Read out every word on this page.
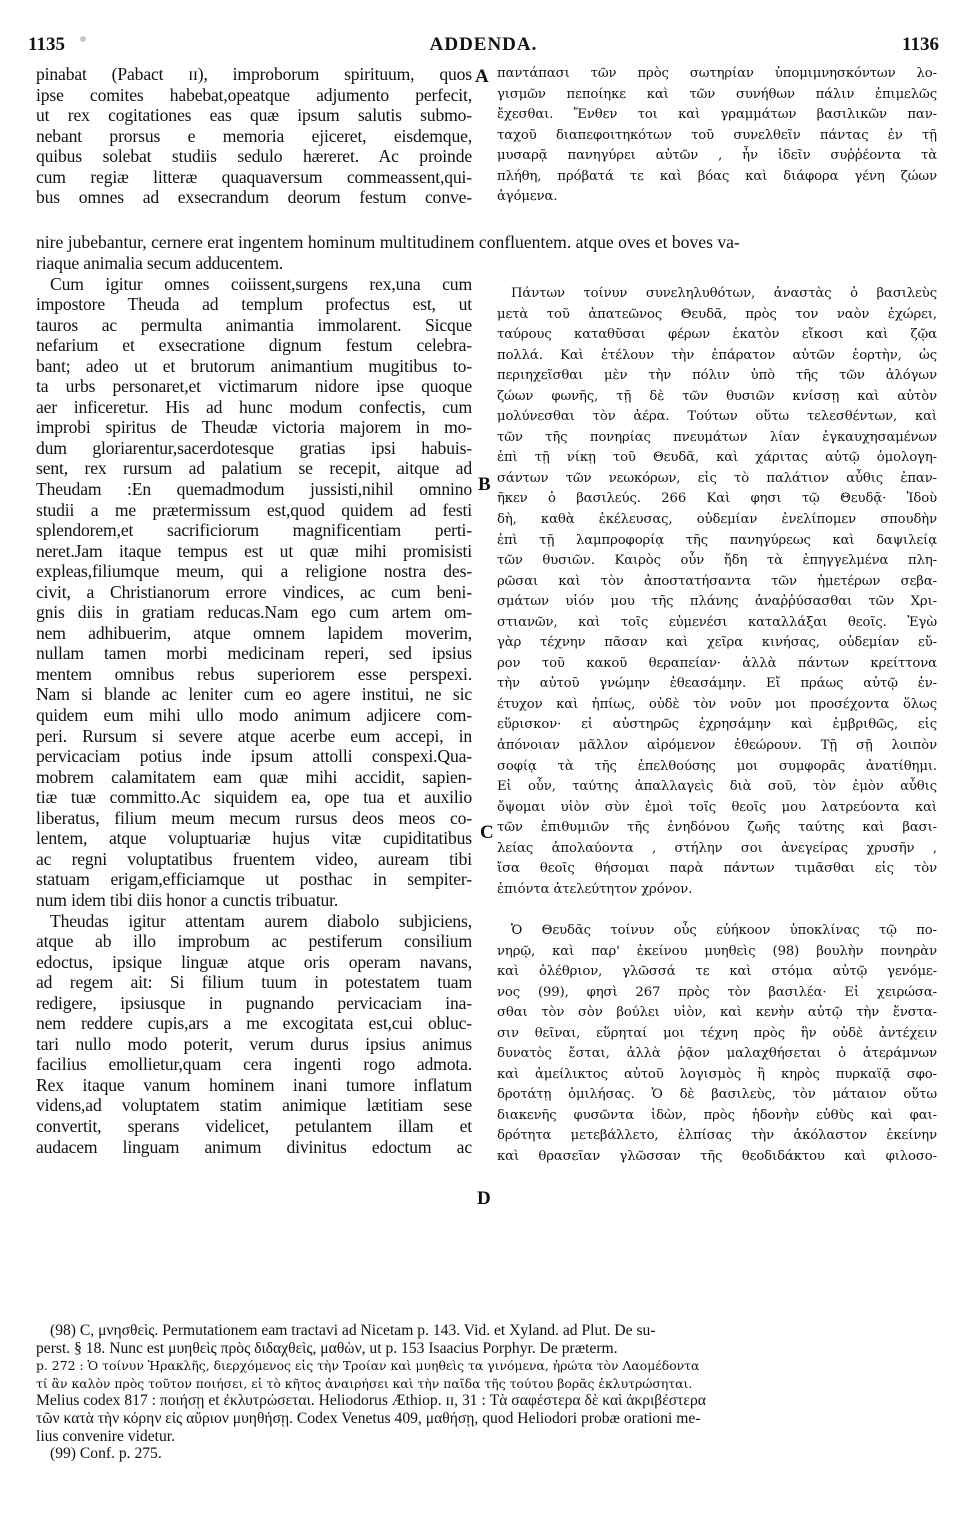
1135	ADDENDA.	1136
A
B
C
D
pinabat (Pabact ɪɪ), improborum spirituum, quos
ipse comites habebat,opeatque adjumento perfecit,
ut rex cogitationes eas quæ ipsum salutis submo-
nebant prorsus e memoria ejiceret, eisdemque,
quibus solebat studiis sedulo hæreret. Ac proinde
cum regiæ litteræ quaquaversum commeassent,qui-
bus omnes ad exsecrandum deorum festum conve-
παντάπασι τῶν πρὸς σωτηρίαν ὑπομιμνησκόντων λο-
γισμῶν πεποίηκε καὶ τῶν συνήθων πάλιν ἐπιμελῶς
ἔχεσθαι. Ἔνθεν τοι καὶ γραμμάτων βασιλικῶν παν-
ταχοῦ διαπεφοιτηκότων τοῦ συνελθεῖν πάντας ἐν τῇ
μυσαρᾷ πανηγύρει αὐτῶν , ἦν ἰδεῖν συῤῥέοντα τὰ
πλήθη, πρόβατά τε καὶ βόας καὶ διάφορα γένη ζώων
ἀγόμενα.
nire jubebantur, cernere erat ingentem hominum multitudinem confluentem. atque oves et boves va-
riaque animalia secum adducentem.
Cum igitur omnes coiissent,surgens rex,una cum
impostore Theuda ad templum profectus est, ut
tauros ac permulta animantia immolarent. Sicque
nefarium et exsecratione dignum festum celebra-
bant; adeo ut et brutorum animantium mugitibus to-
ta urbs personaret,et victimarum nidore ipse quoque
aer inficeretur. His ad hunc modum confectis, cum
improbi spiritus de Theudæ victoria majorem in mo-
dum gloriarentur,sacerdotesque gratias ipsi habuis-
sent, rex rursum ad palatium se recepit, aitque ad
Theudam :En quemadmodum jussisti,nihil omnino
studii a me prætermissum est,quod quidem ad festi
splendorem,et sacrificiorum magnificentiam perti-
neret.Jam itaque tempus est ut quæ mihi promisisti
expleas,filiumque meum, qui a religione nostra des-
civit, a Christianorum errore vindices, ac cum beni-
gnis diis in gratiam reducas.Nam ego cum artem om-
nem adhibuerim, atque omnem lapidem moverim,
nullam tamen morbi medicinam reperi, sed ipsius
mentem omnibus rebus superiorem esse perspexi.
Nam si blande ac leniter cum eo agere institui, ne sic
quidem eum mihi ullo modo animum adjicere com-
peri. Rursum si severe atque acerbe eum accepi, in
pervicaciam potius inde ipsum attolli conspexi.Qua-
mobrem calamitatem eam quæ mihi accidit, sapien-
tiæ tuæ committo.Ac siquidem ea, ope tua et auxilio
liberatus, filium meum mecum rursus deos meos co-
lentem, atque voluptuariæ hujus vitæ cupiditatibus
ac regni voluptatibus fruentem video, auream tibi
statuam erigam,efficiamque ut posthac in sempiter-
num idem tibi diis honor a cunctis tribuatur.
Theudas igitur attentam aurem diabolo subjiciens,
atque ab illo improbum ac pestiferum consilium
edoctus, ipsique linguæ atque oris operam navans,
ad regem ait: Si filium tuum in potestatem tuam
redigere, ipsiusque in pugnando pervicaciam ina-
nem reddere cupis,ars a me excogitata est,cui obluc-
tari nullo modo poterit, verum durus ipsius animus
facilius emollietur,quam cera ingenti rogo admota.
Rex itaque vanum hominem inani tumore inflatum
videns,ad voluptatem statim animique lætitiam sese
convertit, sperans videlicet, petulantem illam et
audacem linguam animum divinitus edoctum ac
Πάντων τοίνυν συνεληλυθότων, ἀναστὰς ὁ βασιλεὺς
μετὰ τοῦ ἀπατεῶνος Θευδᾶ, πρὸς τον ναὸν ἐχώρει,
ταύρους καταθῦσαι φέρων ἑκατὸν εἴκοσι καὶ ζῷα
πολλά. Καὶ ἐτέλουν τὴν ἐπάρατον αὐτῶν ἑορτὴν, ὡς
περιηχεῖσθαι μὲν τὴν πόλιν ὑπὸ τῆς τῶν ἀλόγων
ζώων φωνῆς, τῇ δὲ τῶν θυσιῶν κνίσσῃ καὶ αὐτὸν
μολύνεσθαι τὸν ἀέρα. Τούτων οὕτω τελεσθέντων, καὶ
τῶν τῆς πονηρίας πνευμάτων λίαν ἐγκαυχησαμένων
ἐπὶ τῇ νίκῃ τοῦ Θευδᾶ, καὶ χάριτας αὐτῷ ὁμολογη-
σάντων τῶν νεωκόρων, εἰς τὸ παλάτιον αὖθις ἐπαν-
ῆκεν ὁ βασιλεύς. 266 Καὶ φησι τῷ Θευδᾷ· Ἰδοὺ
δὴ, καθὰ ἐκέλευσας, οὐδεμίαν ἐνελίπομεν σπουδὴν
ἐπὶ τῇ λαμπροφορίᾳ τῆς πανηγύρεως καὶ δαψιλείᾳ
τῶν θυσιῶν. Καιρὸς οὖν ἤδη τὰ ἐπηγγελμένα πλη-
ρῶσαι καὶ τὸν ἀποστατήσαντα τῶν ἡμετέρων σεβα-
σμάτων υἱόν μου τῆς πλάνης ἀναῤῥύσασθαι τῶν Χρι-
στιανῶν, καὶ τοῖς εὐμενέσι καταλλάξαι θεοῖς. Ἐγὼ
γὰρ τέχνην πᾶσαν καὶ χεῖρα κινήσας, οὐδεμίαν εὔ-
ρον τοῦ κακοῦ θεραπείαν· ἀλλὰ πάντων κρείττονα
τὴν αὐτοῦ γνώμην ἐθεασάμην. Εἴ πράως αὐτῷ ἐν-
έτυχον καὶ ἠπίως, οὐδὲ τὸν νοῦν μοι προσέχοντα ὅλως
εὕρισκον· εἰ αὐστηρῶς ἐχρησάμην καὶ ἐμβριθῶς, εἰς
ἀπόνοιαν μᾶλλον αἱρόμενον ἐθεώρουν. Τῇ σῇ λοιπὸν
σοφίᾳ τὰ τῆς ἐπελθούσης μοι συμφορᾶς ἀνατίθημι.
Εἰ οὖν, ταύτης ἀπαλλαγεὶς διὰ σοῦ, τὸν ἐμὸν αὖθις
ὄψομαι υἱὸν σὺν ἐμοὶ τοῖς θεοῖς μου λατρεύοντα καὶ
τῶν ἐπιθυμιῶν τῆς ἐνηδόνου ζωῆς ταύτης καὶ βασι-
λείας ἀπολαύοντα , στήλην σοι ἀνεγείρας χρυσῆν ,
ἴσα θεοῖς θήσομαι παρὰ πάντων τιμᾶσθαι εἰς τὸν
ἐπιόντα ἀτελεύτητον χρόνον.
Ὁ Θευδᾶς τοίνυν οὖς εὐήκοον ὑποκλίνας τῷ πο-
νηρῷ, καὶ παρ' ἐκείνου μυηθεὶς (98) βουλὴν πονηρὰν
καὶ ὀλέθριον, γλῶσσά τε καὶ στόμα αὐτῷ γενόμε-
νος (99), φησὶ 267 πρὸς τὸν βασιλέα· Εἰ χειρώσα-
σθαι τὸν σὸν βούλει υἱὸν, καὶ κενὴν αὐτῷ τὴν ἔνστα-
σιν θεῖναι, εὕρηταί μοι τέχνη πρὸς ἣν οὐδὲ ἀντέχειν
δυνατὸς ἔσται, ἀλλὰ ῥᾷον μαλαχθήσεται ὁ ἀτεράμνων
καὶ ἀμείλικτος αὐτοῦ λογισμὸς ἢ κηρὸς πυρκαϊᾷ σφο-
δροτάτῃ ὁμιλήσας. Ὁ δὲ βασιλεὺς, τὸν μάταιον οὕτω
διακενῆς φυσῶντα ἰδὼν, πρὸς ἡδονὴν εὐθὺς καὶ φαι-
δρότητα μετεβάλλετο, ἐλπίσας τὴν ἀκόλαστον ἐκείνην
καὶ θρασεῖαν γλῶσσαν τῆς θεοδιδάκτου καὶ φιλοσο-
(98) C, μνησθεὶς. Permutationem eam tractavi ad Nicetam p. 143. Vid. et Xyland. ad Plut. De su-
perst. § 18. Nunc est μυηθεὶς πρὸς διδαχθεὶς, μαθὼν, ut p. 153 Isaacius Porphyr. De præterm.
p. 272 : Ὁ τοίνυν Ἡρακλῆς, διερχόμενος εἰς τὴν Τροίαν καὶ μυηθεὶς τα γινόμενα, ἠρώτα τὸν Λαομέδοντα
τί ἂν καλὸν πρὸς τοῦτον ποιήσει, εἰ τὸ κῆτος ἀναιρήσει καὶ τὴν παῖδα τῆς τούτου βορᾶς ἐκλυτρώσηται.
Melius codex 817 : ποιήσῃ et ἐκλυτρώσεται. Heliodorus Æthiop. ɪɪ, 31 : Τὰ σαφέστερα δὲ καὶ ἀκριβέστερα
τῶν κατὰ τὴν κόρην εἰς αὔριον μυηθήσῃ. Codex Venetus 409, μαθήσῃ, quod Heliodori probæ orationi me-
lius convenire videtur.
(99) Conf. p. 275.
